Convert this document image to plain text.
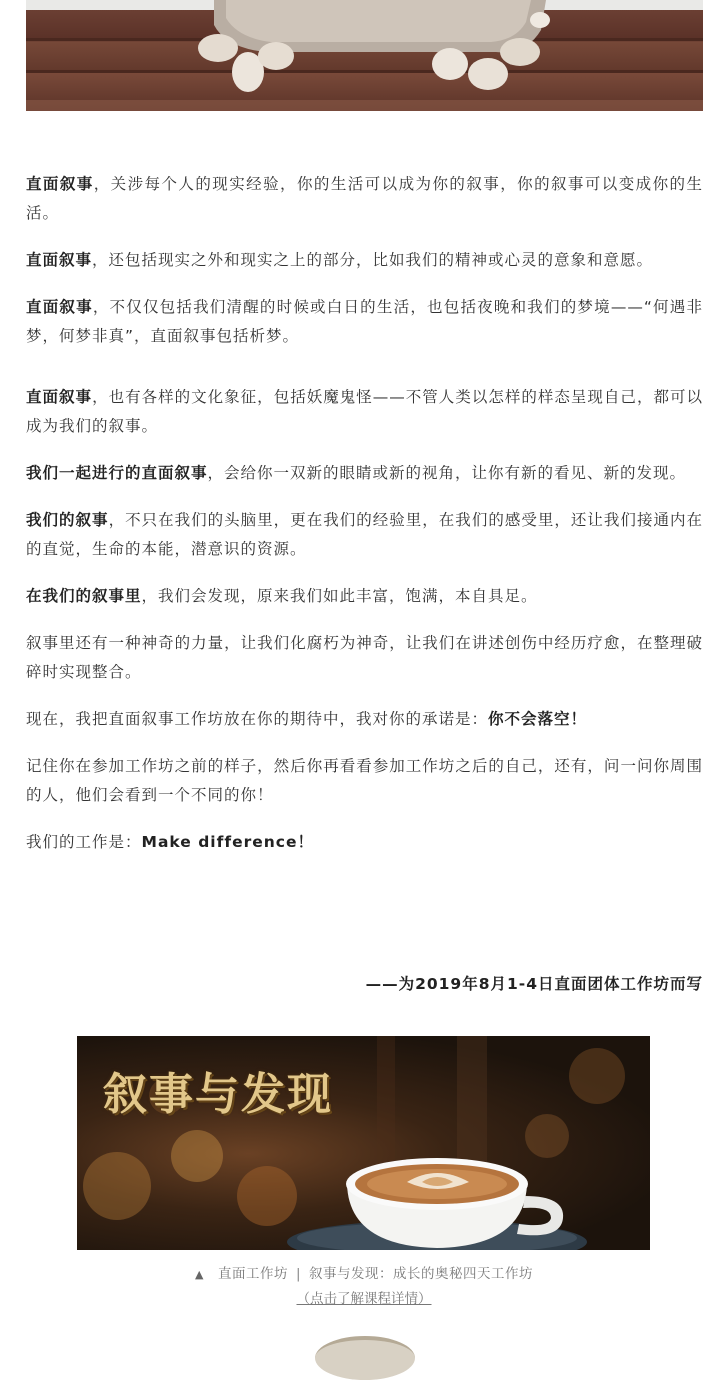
直面叙事，关涉每个人的现实经验，你的生活可以成为你的叙事，你的叙事可以变成你的生活。

直面叙事，还包括现实之外和现实之上的部分，比如我们的精神或心灵的意象和意愿。

直面叙事，不仅仅包括我们清醒的时候或白日的生活，也包括夜晚和我们的梦境——“何遇非梦，何梦非真”，直面叙事包括析梦。

直面叙事，也有各样的文化象征，包括妖魔鬼怪——不管人类以怎样的样态呈现自己，都可以成为我们的叙事。

我们一起进行的直面叙事，会给你一双新的眼睛或新的视角，让你有新的看见、新的发现。

我们的叙事，不只在我们的头脑里，更在我们的经验里，在我们的感受里，还让我们接通内在的直觉，生命的本能，潜意识的资源。

在我们的叙事里，我们会发现，原来我们如此丰富，饱满，本自具足。

叙事里还有一种神奇的力量，让我们化腐朽为神奇，让我们在讲述创伤中经历疗愈，在整理破碎时实现整合。

现在，我把直面叙事工作坊放在你的期待中，我对你的承诺是：你不会落空！

记住你在参加工作坊之前的样子，然后你再看看参加工作坊之后的自己，还有，问一问你周围的人，他们会看到一个不同的你！

我们的工作是：Make difference！

——为2019年8月1-4日直面团体工作坊而写
叙事与发现
▲ 直面工作坊 | 叙事与发现：成长的奥秘四天工作坊
（点击了解课程详情）
